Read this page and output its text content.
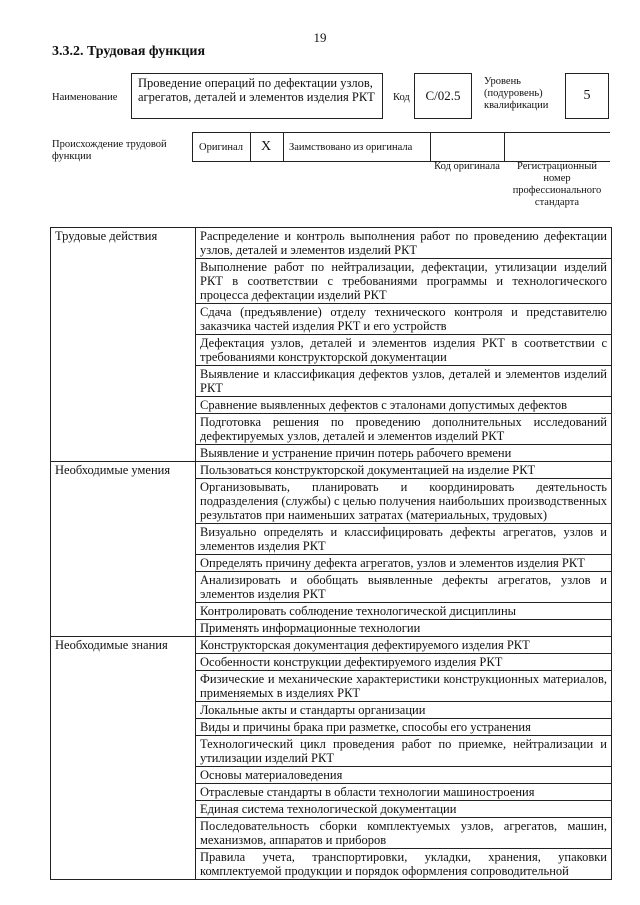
19
3.3.2. Трудовая функция
Наименование
Проведение операций по дефектации узлов, агрегатов, деталей и элементов изделия РКТ	Код	С/02.5
Уровень (подуровень) квалификации
5
Происхождение трудовой функции
Оригинал X Заимствовано из оригинала
Код оригинала	Регистрационный номер профессионального стандарта
Трудовые действия	Распределение и контроль выполнения работ по проведению дефектации узлов, деталей и элементов изделий РКТ
	Выполнение работ по нейтрализации, дефектации, утилизации изделий РКТ в соответствии с требованиями программы и технологического процесса дефектации изделий РКТ
	Сдача (предъявление) отделу технического контроля и представителю заказчика частей изделия РКТ и его устройств
	Дефектация узлов, деталей и элементов изделия РКТ в соответствии с требованиями конструкторской документации
	Выявление и классификация дефектов узлов, деталей и элементов изделий РКТ
	Сравнение выявленных дефектов с эталонами допустимых дефектов
	Подготовка решения по проведению дополнительных исследований дефектируемых узлов, деталей и элементов изделий РКТ
	Выявление и устранение причин потерь рабочего времени
Необходимые умения	Пользоваться конструкторской документацией на изделие РКТ
	Организовывать, планировать и координировать деятельность подразделения (службы) с целью получения наибольших производственных результатов при наименьших затратах (материальных, трудовых)
	Визуально определять и классифицировать дефекты агрегатов, узлов и элементов изделия РКТ
	Определять причину дефекта агрегатов, узлов и элементов изделия РКТ
	Анализировать и обобщать выявленные дефекты агрегатов, узлов и элементов изделия РКТ
	Контролировать соблюдение технологической дисциплины
	Применять информационные технологии
Необходимые знания	Конструкторская документация дефектируемого изделия РКТ
	Особенности конструкции дефектируемого изделия РКТ
	Физические и механические характеристики конструкционных материалов, применяемых в изделиях РКТ
	Локальные акты и стандарты организации
	Виды и причины брака при разметке, способы его устранения
	Технологический цикл проведения работ по приемке, нейтрализации и утилизации изделий РКТ
	Основы материаловедения
	Отраслевые стандарты в области технологии машиностроения
	Единая система технологической документации
	Последовательность сборки комплектуемых узлов, агрегатов, машин, механизмов, аппаратов и приборов
	Правила учета, транспортировки, укладки, хранения, упаковки комплектуемой продукции и порядок оформления сопроводительной
